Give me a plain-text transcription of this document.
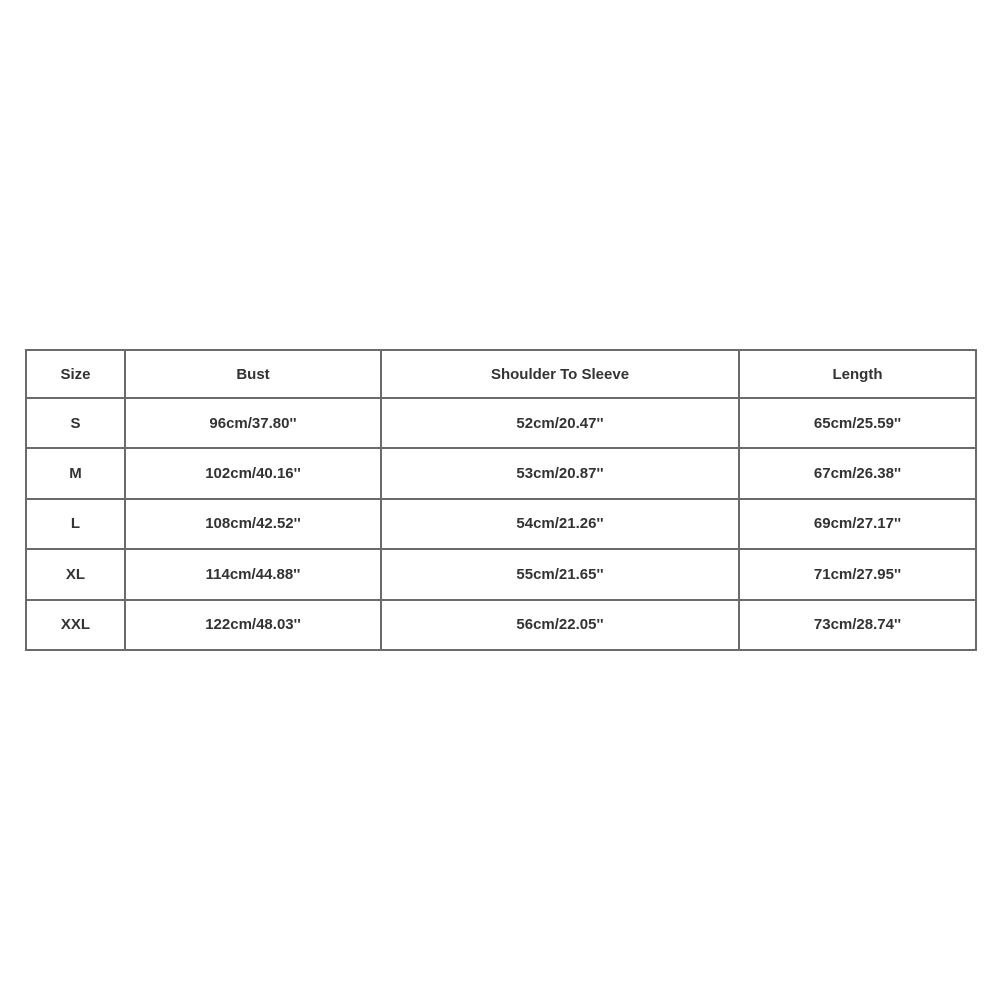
Size	Bust	Shoulder To Sleeve	Length
S	96cm/37.80''	52cm/20.47''	65cm/25.59''
M	102cm/40.16''	53cm/20.87''	67cm/26.38''
L	108cm/42.52''	54cm/21.26''	69cm/27.17''
XL	114cm/44.88''	55cm/21.65''	71cm/27.95''
XXL	122cm/48.03''	56cm/22.05''	73cm/28.74''
